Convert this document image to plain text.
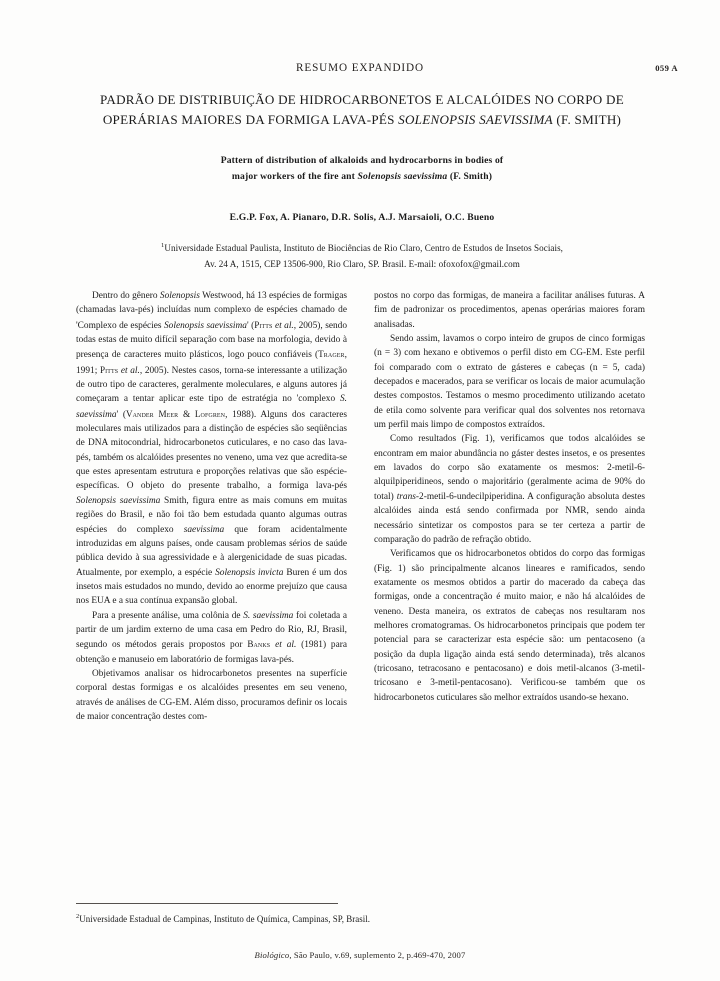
RESUMO EXPANDIDO	059 A
PADRÃO DE DISTRIBUIÇÃO DE HIDROCARBONETOS E ALCALÓIDES NO CORPO DE
OPERÁRIAS MAIORES DA FORMIGA LAVA-PÉS SOLENOPSIS SAEVISSIMA (F. SMITH)
Pattern of distribution of alkaloids and hydrocarborns in bodies of
major workers of the fire ant Solenopsis saevissima (F. Smith)
E.G.P. Fox, A. Pianaro, D.R. Solis, A.J. Marsaioli, O.C. Bueno
$^1$Universidade Estadual Paulista, Instituto de Biociências de Rio Claro, Centro de Estudos de Insetos Sociais,
Av. 24 A, 1515, CEP 13506-900, Rio Claro, SP. Brasil. E-mail: ofoxofox@gmail.com

Dentro do gênero Solenopsis Westwood, há 13 espécies de formigas (chamadas lava-pés) incluídas num complexo de espécies chamado de 'Complexo de espécies Solenopsis saevissima' (Pitts et al., 2005), sendo todas estas de muito difícil separação com base na morfologia, devido à presença de caracteres muito plásticos, logo pouco confiáveis (Trager, 1991; Pitts et al., 2005). Nestes casos, torna-se interessante a utilização de outro tipo de caracteres, geralmente moleculares, e alguns autores já começaram a tentar aplicar este tipo de estratégia no 'complexo S. saevissima' (Vander Meer & Lofgren, 1988). Alguns dos caracteres moleculares mais utilizados para a distinção de espécies são seqüências de DNA mitocondrial, hidrocarbonetos cuticulares, e no caso das lava-pés, também os alcalóides presentes no veneno, uma vez que acredita-se que estes apresentam estrutura e proporções relativas que são espécie-específicas. O objeto do presente trabalho, a formiga lava-pés Solenopsis saevissima Smith, figura entre as mais comuns em muitas regiões do Brasil, e não foi tão bem estudada quanto algumas outras espécies do complexo saevissima que foram acidentalmente introduzidas em alguns países, onde causam problemas sérios de saúde pública devido à sua agressividade e à alergenicidade de suas picadas. Atualmente, por exemplo, a espécie Solenopsis invicta Buren é um dos insetos mais estudados no mundo, devido ao enorme prejuízo que causa nos EUA e a sua contínua expansão global.

Para a presente análise, uma colônia de S. saevissima foi coletada a partir de um jardim externo de uma casa em Pedro do Rio, RJ, Brasil, segundo os métodos gerais propostos por Banks et al. (1981) para obtenção e manuseio em laboratório de formigas lava-pés.

Objetivamos analisar os hidrocarbonetos presentes na superfície corporal destas formigas e os alcalóides presentes em seu veneno, através de análises de CG-EM. Além disso, procuramos definir os locais de maior concentração destes com-

postos no corpo das formigas, de maneira a facilitar análises futuras. A fim de padronizar os procedimentos, apenas operárias maiores foram analisadas.

Sendo assim, lavamos o corpo inteiro de grupos de cinco formigas (n = 3) com hexano e obtivemos o perfil disto em CG-EM. Este perfil foi comparado com o extrato de gásteres e cabeças (n = 5, cada) decepados e macerados, para se verificar os locais de maior acumulação destes compostos. Testamos o mesmo procedimento utilizando acetato de etila como solvente para verificar qual dos solventes nos retornava um perfil mais limpo de compostos extraídos.

Como resultados (Fig. 1), verificamos que todos alcalóides se encontram em maior abundância no gáster destes insetos, e os presentes em lavados do corpo são exatamente os mesmos: 2-metil-6-alquilpiperidineos, sendo o majoritário (geralmente acima de 90% do total) trans-2-metil-6-undecilpiperidina. A configuração absoluta destes alcalóides ainda está sendo confirmada por NMR, sendo ainda necessário sintetizar os compostos para se ter certeza a partir de comparação do padrão de refração obtido.

Verificamos que os hidrocarbonetos obtidos do corpo das formigas (Fig. 1) são principalmente alcanos lineares e ramificados, sendo exatamente os mesmos obtidos a partir do macerado da cabeça das formigas, onde a concentração é muito maior, e não há alcalóides de veneno. Desta maneira, os extratos de cabeças nos resultaram nos melhores cromatogramas. Os hidrocarbonetos principais que podem ter potencial para se caracterizar esta espécie são: um pentacoseno (a posição da dupla ligação ainda está sendo determinada), três alcanos (tricosano, tetracosano e pentacosano) e dois metil-alcanos (3-metil-tricosano e 3-metil-pentacosano). Verificou-se também que os hidrocarbonetos cuticulares são melhor extraídos usando-se hexano.

$^2$Universidade Estadual de Campinas, Instituto de Química, Campinas, SP, Brasil.
Biológico, São Paulo, v.69, suplemento 2, p.469-470, 2007
